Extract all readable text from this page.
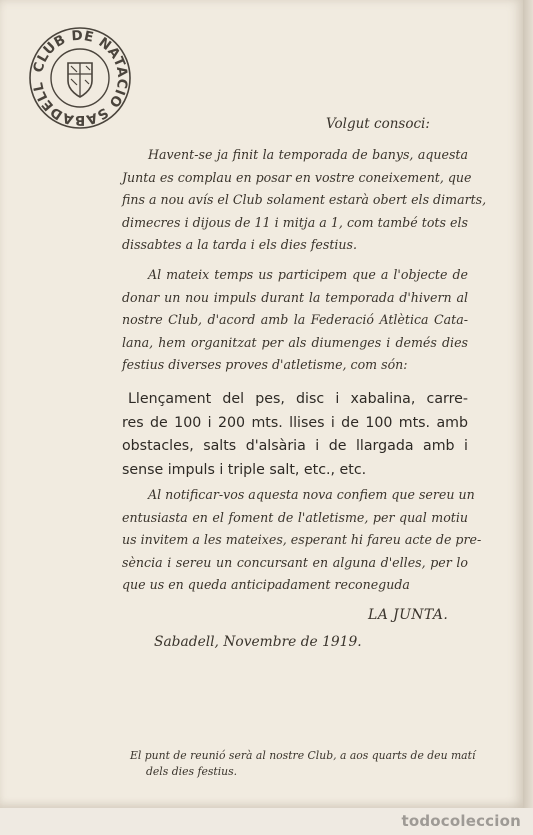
CLUB DE NATACIO SABADELL
Volgut consoci:
Havent-se ja finit la temporada de banys, aquesta
Junta es complau en posar en vostre coneixement, que
fins a nou avís el Club solament estarà obert els dimarts,
dimecres i dijous de 11 i mitja a 1, com també tots els
dissabtes a la tarda i els dies festius.
Al mateix temps us participem que a l'objecte de
donar un nou impuls durant la temporada d'hivern al
nostre Club, d'acord amb la Federació Atlètica Cata-
lana, hem organitzat per als diumenges i demés dies
festius diverses proves d'atletisme, com són:
Llençament del pes, disc i xabalina, carre-
res de 100 i 200 mts. llises i de 100 mts. amb
obstacles, salts d'alsària i de llargada amb i
sense impuls i triple salt, etc., etc.
Al notificar-vos aquesta nova confiem que sereu un
entusiasta en el foment de l'atletisme, per qual motiu
us invitem a les mateixes, esperant hi fareu acte de pre-
sència i sereu un concursant en alguna d'elles, per lo
que us en queda anticipadament reconeguda
LA JUNTA.
Sabadell, Novembre de 1919.
El punt de reunió serà al nostre Club, a aos quarts de deu matí
dels dies festius.
todocoleccion
